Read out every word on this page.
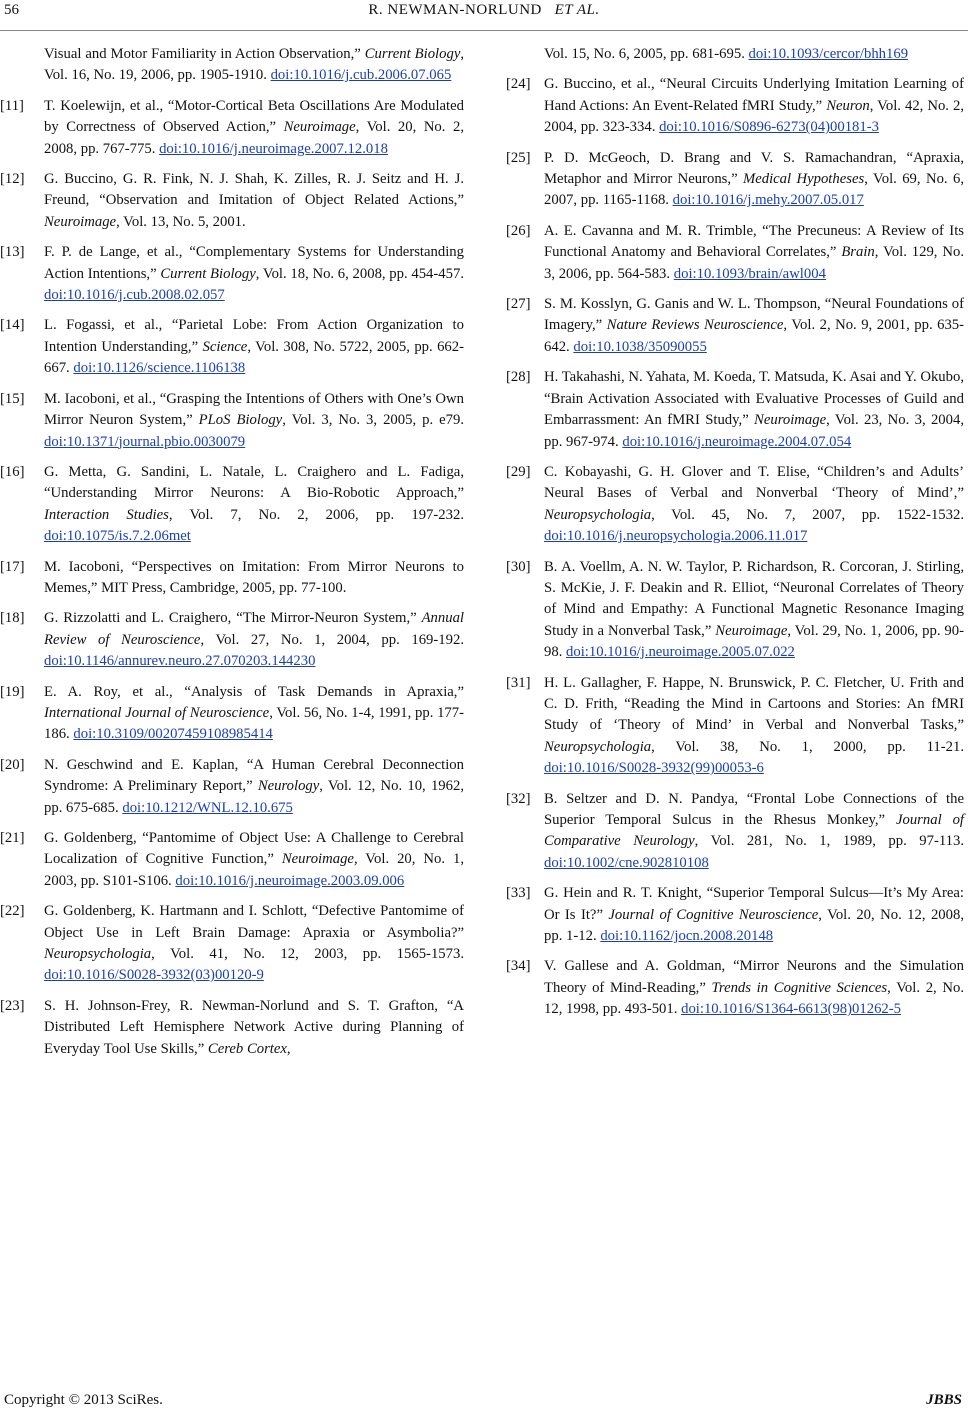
56	R. NEWMAN-NORLUND ET AL.
Visual and Motor Familiarity in Action Observation,” Current Biology, Vol. 16, No. 19, 2006, pp. 1905-1910. doi:10.1016/j.cub.2006.07.065
[11] T. Koelewijn, et al., “Motor-Cortical Beta Oscillations Are Modulated by Correctness of Observed Action,” Neuroimage, Vol. 20, No. 2, 2008, pp. 767-775. doi:10.1016/j.neuroimage.2007.12.018
[12] G. Buccino, G. R. Fink, N. J. Shah, K. Zilles, R. J. Seitz and H. J. Freund, “Observation and Imitation of Object Related Actions,” Neuroimage, Vol. 13, No. 5, 2001.
[13] F. P. de Lange, et al., “Complementary Systems for Understanding Action Intentions,” Current Biology, Vol. 18, No. 6, 2008, pp. 454-457. doi:10.1016/j.cub.2008.02.057
[14] L. Fogassi, et al., “Parietal Lobe: From Action Organization to Intention Understanding,” Science, Vol. 308, No. 5722, 2005, pp. 662-667. doi:10.1126/science.1106138
[15] M. Iacoboni, et al., “Grasping the Intentions of Others with One’s Own Mirror Neuron System,” PLoS Biology, Vol. 3, No. 3, 2005, p. e79. doi:10.1371/journal.pbio.0030079
[16] G. Metta, G. Sandini, L. Natale, L. Craighero and L. Fadiga, “Understanding Mirror Neurons: A Bio-Robotic Approach,” Interaction Studies, Vol. 7, No. 2, 2006, pp. 197-232. doi:10.1075/is.7.2.06met
[17] M. Iacoboni, “Perspectives on Imitation: From Mirror Neurons to Memes,” MIT Press, Cambridge, 2005, pp. 77-100.
[18] G. Rizzolatti and L. Craighero, “The Mirror-Neuron System,” Annual Review of Neuroscience, Vol. 27, No. 1, 2004, pp. 169-192. doi:10.1146/annurev.neuro.27.070203.144230
[19] E. A. Roy, et al., “Analysis of Task Demands in Apraxia,” International Journal of Neuroscience, Vol. 56, No. 1-4, 1991, pp. 177-186. doi:10.3109/00207459108985414
[20] N. Geschwind and E. Kaplan, “A Human Cerebral Deconnection Syndrome: A Preliminary Report,” Neurology, Vol. 12, No. 10, 1962, pp. 675-685. doi:10.1212/WNL.12.10.675
[21] G. Goldenberg, “Pantomime of Object Use: A Challenge to Cerebral Localization of Cognitive Function,” Neuroimage, Vol. 20, No. 1, 2003, pp. S101-S106. doi:10.1016/j.neuroimage.2003.09.006
[22] G. Goldenberg, K. Hartmann and I. Schlott, “Defective Pantomime of Object Use in Left Brain Damage: Apraxia or Asymbolia?” Neuropsychologia, Vol. 41, No. 12, 2003, pp. 1565-1573. doi:10.1016/S0028-3932(03)00120-9
[23] S. H. Johnson-Frey, R. Newman-Norlund and S. T. Grafton, “A Distributed Left Hemisphere Network Active during Planning of Everyday Tool Use Skills,” Cereb Cortex,
Vol. 15, No. 6, 2005, pp. 681-695. doi:10.1093/cercor/bhh169
[24] G. Buccino, et al., “Neural Circuits Underlying Imitation Learning of Hand Actions: An Event-Related fMRI Study,” Neuron, Vol. 42, No. 2, 2004, pp. 323-334. doi:10.1016/S0896-6273(04)00181-3
[25] P. D. McGeoch, D. Brang and V. S. Ramachandran, “Apraxia, Metaphor and Mirror Neurons,” Medical Hypotheses, Vol. 69, No. 6, 2007, pp. 1165-1168. doi:10.1016/j.mehy.2007.05.017
[26] A. E. Cavanna and M. R. Trimble, “The Precuneus: A Review of Its Functional Anatomy and Behavioral Correlates,” Brain, Vol. 129, No. 3, 2006, pp. 564-583. doi:10.1093/brain/awl004
[27] S. M. Kosslyn, G. Ganis and W. L. Thompson, “Neural Foundations of Imagery,” Nature Reviews Neuroscience, Vol. 2, No. 9, 2001, pp. 635-642. doi:10.1038/35090055
[28] H. Takahashi, N. Yahata, M. Koeda, T. Matsuda, K. Asai and Y. Okubo, “Brain Activation Associated with Evaluative Processes of Guild and Embarrassment: An fMRI Study,” Neuroimage, Vol. 23, No. 3, 2004, pp. 967-974. doi:10.1016/j.neuroimage.2004.07.054
[29] C. Kobayashi, G. H. Glover and T. Elise, “Children’s and Adults’ Neural Bases of Verbal and Nonverbal ‘Theory of Mind’,” Neuropsychologia, Vol. 45, No. 7, 2007, pp. 1522-1532. doi:10.1016/j.neuropsychologia.2006.11.017
[30] B. A. Voellm, A. N. W. Taylor, P. Richardson, R. Corcoran, J. Stirling, S. McKie, J. F. Deakin and R. Elliot, “Neuronal Correlates of Theory of Mind and Empathy: A Functional Magnetic Resonance Imaging Study in a Nonverbal Task,” Neuroimage, Vol. 29, No. 1, 2006, pp. 90-98. doi:10.1016/j.neuroimage.2005.07.022
[31] H. L. Gallagher, F. Happe, N. Brunswick, P. C. Fletcher, U. Frith and C. D. Frith, “Reading the Mind in Cartoons and Stories: An fMRI Study of ‘Theory of Mind’ in Verbal and Nonverbal Tasks,” Neuropsychologia, Vol. 38, No. 1, 2000, pp. 11-21. doi:10.1016/S0028-3932(99)00053-6
[32] B. Seltzer and D. N. Pandya, “Frontal Lobe Connections of the Superior Temporal Sulcus in the Rhesus Monkey,” Journal of Comparative Neurology, Vol. 281, No. 1, 1989, pp. 97-113. doi:10.1002/cne.902810108
[33] G. Hein and R. T. Knight, “Superior Temporal Sulcus—It’s My Area: Or Is It?” Journal of Cognitive Neuroscience, Vol. 20, No. 12, 2008, pp. 1-12. doi:10.1162/jocn.2008.20148
[34] V. Gallese and A. Goldman, “Mirror Neurons and the Simulation Theory of Mind-Reading,” Trends in Cognitive Sciences, Vol. 2, No. 12, 1998, pp. 493-501. doi:10.1016/S1364-6613(98)01262-5
Copyright © 2013 SciRes.	JBBS
